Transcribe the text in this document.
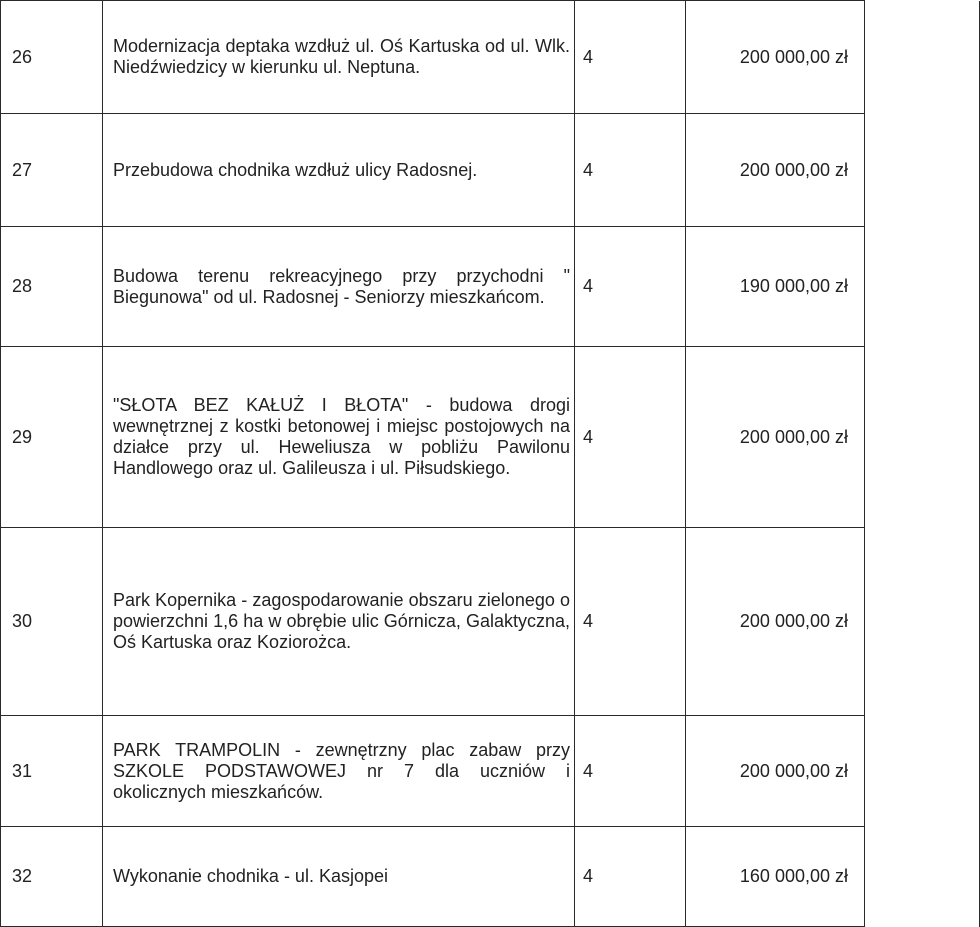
26	Modernizacja deptaka wzdłuż ul. Oś Kartuska od ul. Wlk. Niedźwiedzicy w kierunku ul. Neptuna.	4	200 000,00 zł	
27	Przebudowa chodnika wzdłuż ulicy Radosnej.	4	200 000,00 zł	
28	Budowa terenu rekreacyjnego przy przychodni " Biegunowa" od ul. Radosnej - Seniorzy mieszkańcom.	4	190 000,00 zł	
29	"SŁOTA BEZ KAŁUŻ I BŁOTA" - budowa drogi wewnętrznej z kostki betonowej i miejsc postojowych na działce przy ul. Heweliusza w pobliżu Pawilonu Handlowego oraz ul. Galileusza i ul. Piłsudskiego.	4	200 000,00 zł	
30	Park Kopernika - zagospodarowanie obszaru zielonego o powierzchni 1,6 ha w obrębie ulic Górnicza, Galaktyczna, Oś Kartuska oraz Koziorożca.	4	200 000,00 zł	
31	PARK TRAMPOLIN - zewnętrzny plac zabaw przy SZKOLE PODSTAWOWEJ nr 7 dla uczniów i okolicznych mieszkańców.	4	200 000,00 zł	
32	Wykonanie chodnika - ul. Kasjopei	4	160 000,00 zł	
